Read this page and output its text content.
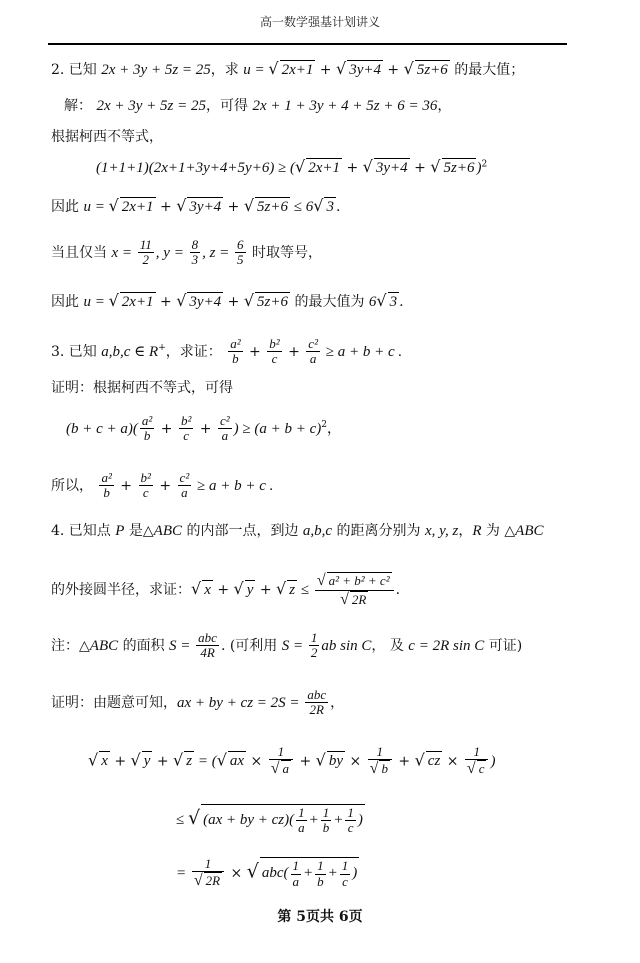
高一数学强基计划讲义
2. 已知 2x + 3y + 5z = 25，求 u = √ 2x+1 + √ 3y+4 + √ 5z+6 的最大值；
解： 2x + 3y + 5z = 25，可得 2x + 1 + 3y + 4 + 5z + 6 = 36，
根据柯西不等式，
(1+1+1)(2x+1+3y+4+5y+6) ≥ (√ 2x+1 + √ 3y+4 + √ 5z+6 )$^2$
因此 u = √ 2x+1 + √ 3y+4 + √ 5z+6 ≤ 6√ 3 .
当且仅当 $x = \frac{11}{2}$ , $y = \frac{8}{3}$ , $z = \frac{6}{5}$ 时取等号，
因此 u = √ 2x+1 + √ 3y+4 + √ 5z+6 的最大值为 6√ 3 .
3. 已知 a,b,c ∈ R+，求证： $\frac{\text{a²}}{b} + \frac{\text{b²}}{c} + \frac{\text{c²}}{a} \ge a + b + c$ .
证明：根据柯西不等式，可得
$(b + c + a)( \frac{\text{a²}}{b} + \frac{\text{b²}}{c} + \frac{\text{c²}}{a}$ ) ≥ $(a + b + c)^2$，
所以， $\frac{\text{a²}}{b} + \frac{\text{b²}}{c} + \frac{\text{c²}}{a} \ge a + b + c$ .
4. 已知点 P 是△ABC 的内部一点，到边 a,b,c 的距离分别为 x, y, z，R 为 △ABC
的外接圆半径，求证：√ x + √ y + √ $z \le \frac{\text{√ a² + b² + c²}}{√ 2R}$ .
注：△ABC 的面积 $S = \frac{\text{abc}}{4R}$ . (可利用 $S = \frac{1}{2}$ ab sin C， 及 c = 2R sin C 可证)
证明：由题意可知，ax + by + cz = $2S = \frac{\text{abc}}{2R}$ ，
√ x + √ y + √ z = (√ ax × $\frac{1}{√ a}$ + √ by × $\frac{1}{√ b}$ + √ cz × $\frac{1}{√ c}$ )
≤ √ (ax + by + $cz)( \frac{1}{a} + \frac{1}{b} + \frac{1}{c}$ )
= $\frac{1}{√ 2R}$ × √ $abc( \frac{1}{a} + \frac{1}{b} + \frac{1}{c}$ )
第 5页共 6页
